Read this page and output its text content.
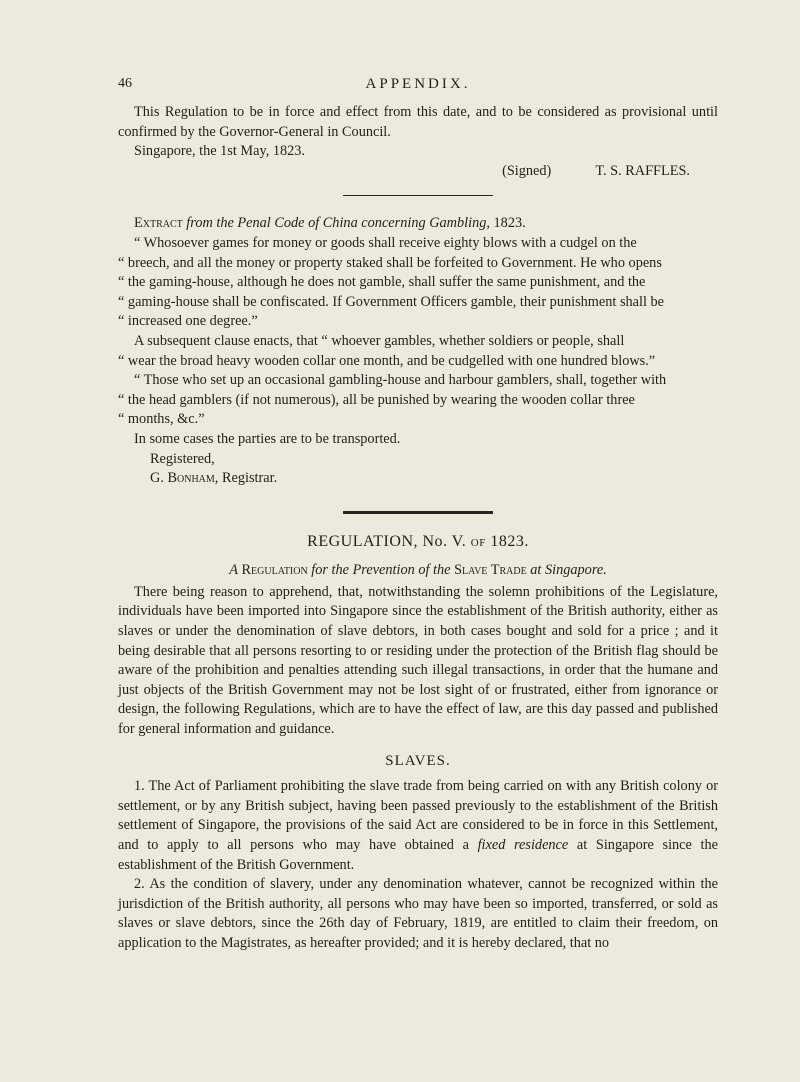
46	APPENDIX.

This Regulation to be in force and effect from this date, and to be considered as provisional until confirmed by the Governor-General in Council.

Singapore, the 1st May, 1823.

(Signed)	T. S. RAFFLES.

Extract from the Penal Code of China concerning Gambling, 1823.

“ Whosoever games for money or goods shall receive eighty blows with a cudgel on the

“ breech, and all the money or property staked shall be forfeited to Government. He who opens

“ the gaming-house, although he does not gamble, shall suffer the same punishment, and the

“ gaming-house shall be confiscated. If Government Officers gamble, their punishment shall be

“ increased one degree.”

A subsequent clause enacts, that “ whoever gambles, whether soldiers or people, shall

“ wear the broad heavy wooden collar one month, and be cudgelled with one hundred blows.”

“ Those who set up an occasional gambling-house and harbour gamblers, shall, together with

“ the head gamblers (if not numerous), all be punished by wearing the wooden collar three

“ months, &c.”

In some cases the parties are to be transported.

Registered,

G. Bonham, Registrar.

REGULATION, No. V. of 1823.

A Regulation for the Prevention of the Slave Trade at Singapore.

There being reason to apprehend, that, notwithstanding the solemn prohibitions of the Legislature, individuals have been imported into Singapore since the establishment of the British authority, either as slaves or under the denomination of slave debtors, in both cases bought and sold for a price ; and it being desirable that all persons resorting to or residing under the protection of the British flag should be aware of the prohibition and penalties attending such illegal transactions, in order that the humane and just objects of the British Government may not be lost sight of or frustrated, either from ignorance or design, the following Regulations, which are to have the effect of law, are this day passed and published for general information and guidance.

SLAVES.

1. The Act of Parliament prohibiting the slave trade from being carried on with any British colony or settlement, or by any British subject, having been passed previously to the establishment of the British settlement of Singapore, the provisions of the said Act are considered to be in force in this Settlement, and to apply to all persons who may have obtained a fixed residence at Singapore since the establishment of the British Government.

2. As the condition of slavery, under any denomination whatever, cannot be recognized within the jurisdiction of the British authority, all persons who may have been so imported, transferred, or sold as slaves or slave debtors, since the 26th day of February, 1819, are entitled to claim their freedom, on application to the Magistrates, as hereafter provided; and it is hereby declared, that no
